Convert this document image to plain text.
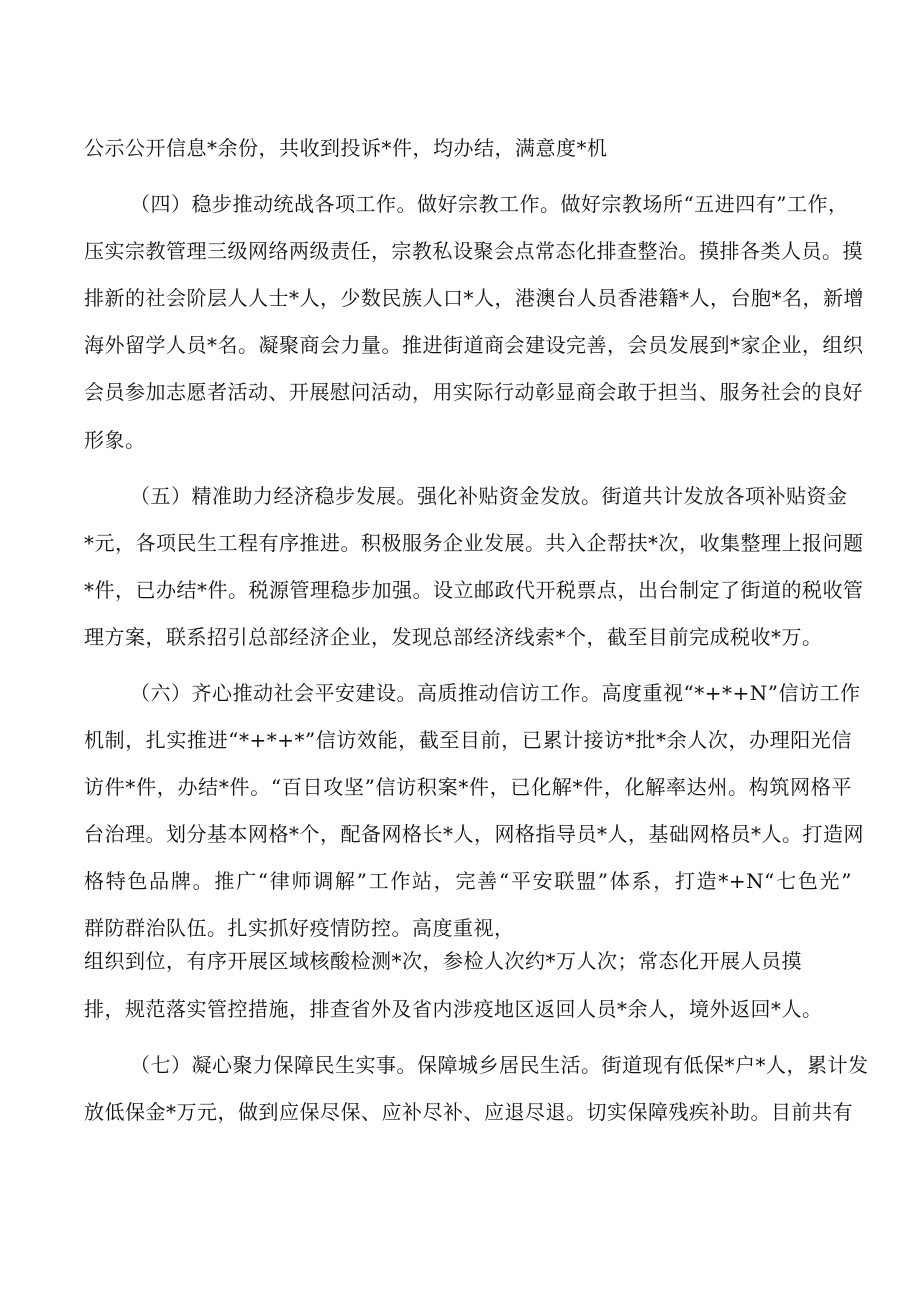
公示公开信息*余份，共收到投诉*件，均办结，满意度*机
（四）稳步推动统战各项工作。做好宗教工作。做好宗教场所“五进四有”工作，
压实宗教管理三级网络两级责任，宗教私设聚会点常态化排查整治。摸排各类人员。摸
排新的社会阶层人人士*人，少数民族人口*人，港澳台人员香港籍*人，台胞*名，新增
海外留学人员*名。凝聚商会力量。推进街道商会建设完善，会员发展到*家企业，组织
会员参加志愿者活动、开展慰问活动，用实际行动彰显商会敢于担当、服务社会的良好
形象。
（五）精准助力经济稳步发展。强化补贴资金发放。街道共计发放各项补贴资金
*元，各项民生工程有序推进。积极服务企业发展。共入企帮扶*次，收集整理上报问题
*件，已办结*件。税源管理稳步加强。设立邮政代开税票点，出台制定了街道的税收管
理方案，联系招引总部经济企业，发现总部经济线索*个，截至目前完成税收*万。
（六）齐心推动社会平安建设。高质推动信访工作。高度重视“*+*+N”信访工作
机制，扎实推进“*+*+*”信访效能，截至目前，已累计接访*批*余人次，办理阳光信
访件*件，办结*件。“百日攻坚”信访积案*件，已化解*件，化解率达州。构筑网格平
台治理。划分基本网格*个，配备网格长*人，网格指导员*人，基础网格员*人。打造网
格特色品牌。推广“律师调解”工作站，完善“平安联盟”体系，打造*+N“七色光”
群防群治队伍。扎实抓好疫情防控。高度重视，
组织到位，有序开展区域核酸检测*次，参检人次约*万人次；常态化开展人员摸
排，规范落实管控措施，排查省外及省内涉疫地区返回人员*余人，境外返回*人。
（七）凝心聚力保障民生实事。保障城乡居民生活。街道现有低保*户*人，累计发
放低保金*万元，做到应保尽保、应补尽补、应退尽退。切实保障残疾补助。目前共有
